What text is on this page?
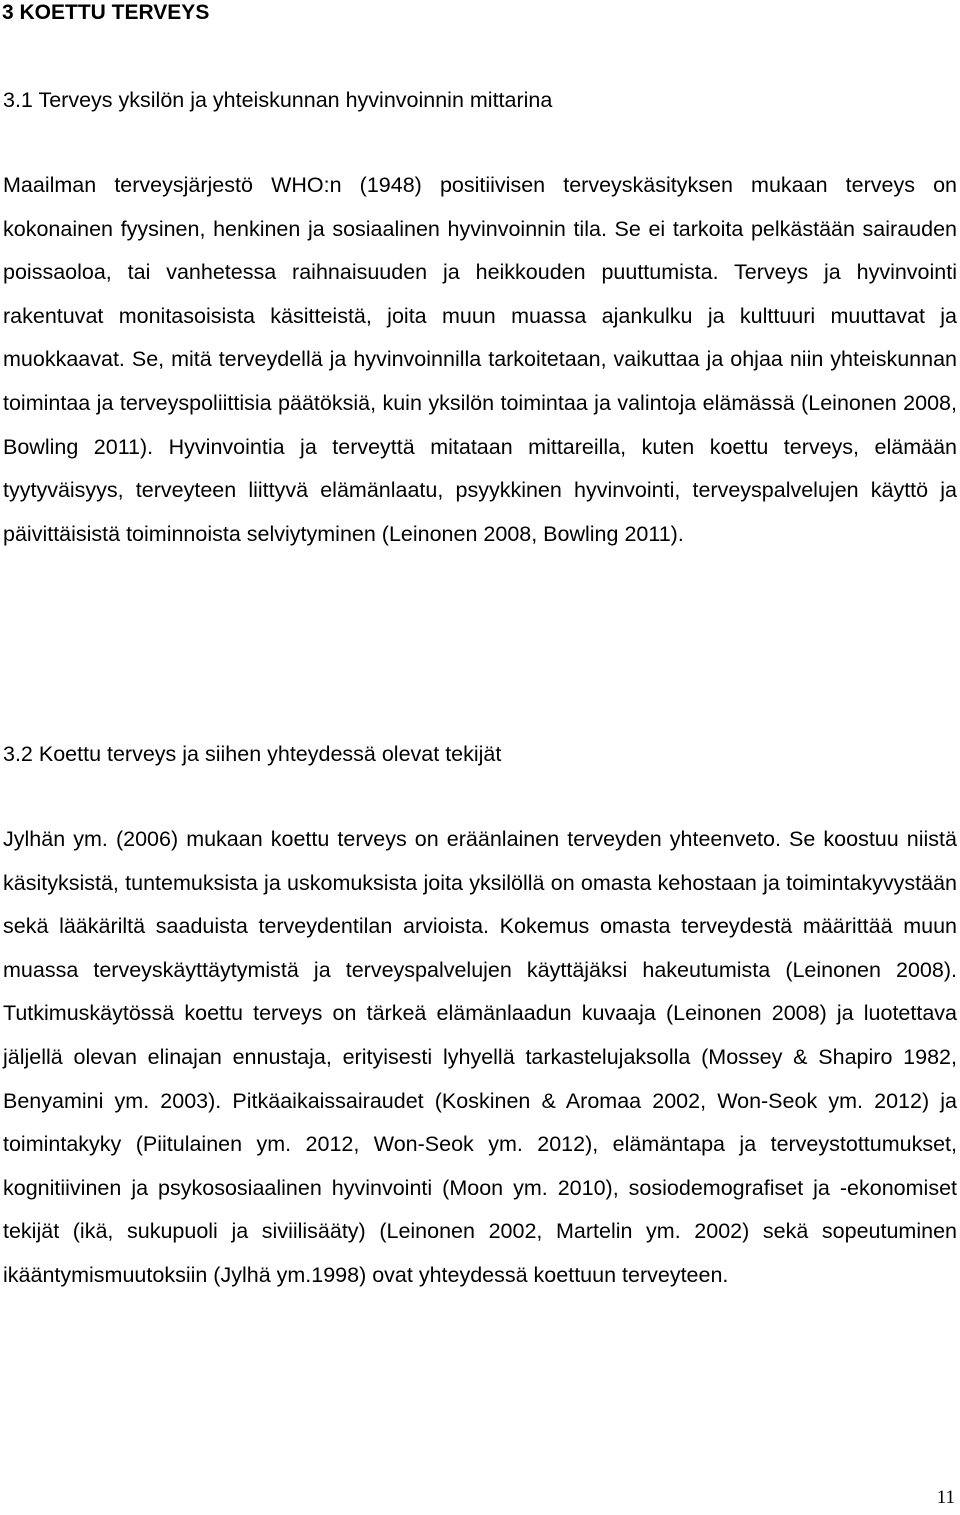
3 KOETTU TERVEYS
3.1 Terveys yksilön ja yhteiskunnan hyvinvoinnin mittarina

Maailman terveysjärjestö WHO:n (1948) positiivisen terveyskäsityksen mukaan terveys on kokonainen fyysinen, henkinen ja sosiaalinen hyvinvoinnin tila. Se ei tarkoita pelkästään sairauden poissaoloa, tai vanhetessa raihnaisuuden ja heikkouden puuttumista. Terveys ja hyvinvointi rakentuvat monitasoisista käsitteistä, joita muun muassa ajankulku ja kulttuuri muuttavat ja muokkaavat. Se, mitä terveydellä ja hyvinvoinnilla tarkoitetaan, vaikuttaa ja ohjaa niin yhteiskunnan toimintaa ja terveyspoliittisia päätöksiä, kuin yksilön toimintaa ja valintoja elämässä (Leinonen 2008, Bowling 2011). Hyvinvointia ja terveyttä mitataan mittareilla, kuten koettu terveys, elämään tyytyväisyys, terveyteen liittyvä elämänlaatu, psyykkinen hyvinvointi, terveyspalvelujen käyttö ja päivittäisistä toiminnoista selviytyminen (Leinonen 2008, Bowling 2011).

3.2 Koettu terveys ja siihen yhteydessä olevat tekijät

Jylhän ym. (2006) mukaan koettu terveys on eräänlainen terveyden yhteenveto. Se koostuu niistä käsityksistä, tuntemuksista ja uskomuksista joita yksilöllä on omasta kehostaan ja toimintakyvystään sekä lääkäriltä saaduista terveydentilan arvioista. Kokemus omasta terveydestä määrittää muun muassa terveyskäyttäytymistä ja terveyspalvelujen käyttäjäksi hakeutumista (Leinonen 2008). Tutkimuskäytössä koettu terveys on tärkeä elämänlaadun kuvaaja (Leinonen 2008) ja luotettava jäljellä olevan elinajan ennustaja, erityisesti lyhyellä tarkastelujaksolla (Mossey & Shapiro 1982, Benyamini ym. 2003). Pitkäaikaissairaudet (Koskinen & Aromaa 2002, Won-Seok ym. 2012) ja toimintakyky (Piitulainen ym. 2012, Won-Seok ym. 2012), elämäntapa ja terveystottumukset, kognitiivinen ja psykososiaalinen hyvinvointi (Moon ym. 2010), sosiodemografiset ja -ekonomiset tekijät (ikä, sukupuoli ja siviilisääty) (Leinonen 2002, Martelin ym. 2002) sekä sopeutuminen ikääntymismuutoksiin (Jylhä ym.1998) ovat yhteydessä koettuun terveyteen.

11
